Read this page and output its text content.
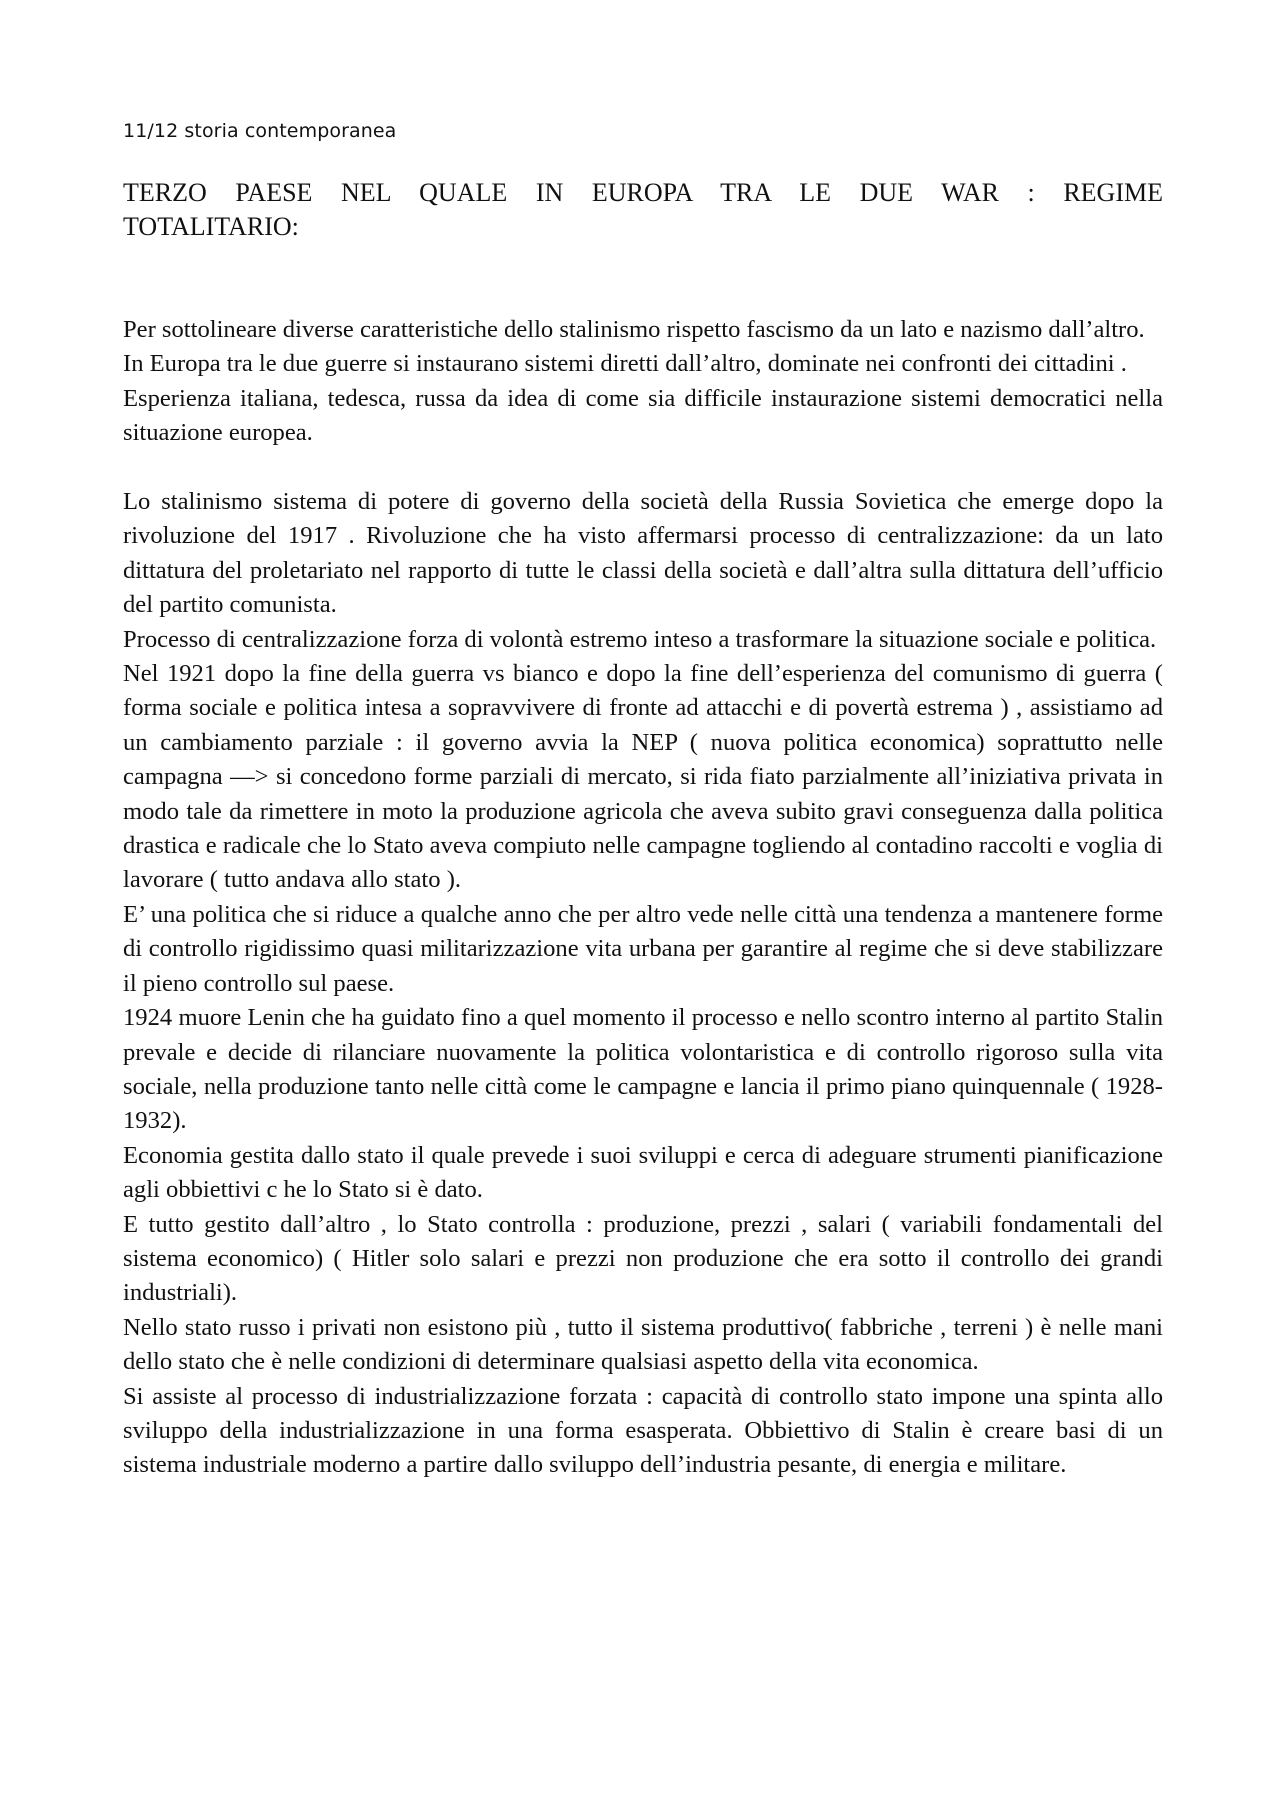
11/12 storia contemporanea
TERZO PAESE NEL QUALE IN EUROPA TRA LE DUE WAR : REGIME
TOTALITARIO:

Per sottolineare diverse caratteristiche dello stalinismo rispetto fascismo da un lato e nazismo dall’altro.

In Europa tra le due guerre si instaurano sistemi diretti dall’altro, dominate nei confronti dei cittadini .

Esperienza italiana, tedesca, russa da idea di come sia difficile instaurazione sistemi democratici nella situazione europea.

Lo stalinismo sistema di potere di governo della società della Russia Sovietica che emerge dopo la rivoluzione del 1917 . Rivoluzione che ha visto affermarsi processo di centralizzazione: da un lato dittatura del proletariato nel rapporto di tutte le classi della società e dall’altra sulla dittatura dell’ufficio del partito comunista.

Processo di centralizzazione forza di volontà estremo inteso a trasformare la situazione sociale e politica.

Nel 1921 dopo la fine della guerra vs bianco e dopo la fine dell’esperienza del comunismo di guerra ( forma sociale e politica intesa a sopravvivere di fronte ad attacchi e di povertà estrema ) , assistiamo ad un cambiamento parziale : il governo avvia la NEP ( nuova politica economica) soprattutto nelle campagna —> si concedono forme parziali di mercato, si rida fiato parzialmente all’iniziativa privata in modo tale da rimettere in moto la produzione agricola che aveva subito gravi conseguenza dalla politica drastica e radicale che lo Stato aveva compiuto nelle campagne togliendo al contadino raccolti e voglia di lavorare ( tutto andava allo stato ).

E’ una politica che si riduce a qualche anno che per altro vede nelle città una tendenza a mantenere forme di controllo rigidissimo quasi militarizzazione vita urbana per garantire al regime che si deve stabilizzare il pieno controllo sul paese.

1924 muore Lenin che ha guidato fino a quel momento il processo e nello scontro interno al partito Stalin prevale e decide di rilanciare nuovamente la politica volontaristica e di controllo rigoroso sulla vita sociale, nella produzione tanto nelle città come le campagne e lancia il primo piano quinquennale ( 1928-1932).

Economia gestita dallo stato il quale prevede i suoi sviluppi e cerca di adeguare strumenti pianificazione agli obbiettivi c he lo Stato si è dato.

E tutto gestito dall’altro , lo Stato controlla : produzione, prezzi , salari ( variabili fondamentali del sistema economico) ( Hitler solo salari e prezzi non produzione che era sotto il controllo dei grandi industriali).

Nello stato russo i privati non esistono più , tutto il sistema produttivo( fabbriche , terreni ) è nelle mani dello stato che è nelle condizioni di determinare qualsiasi aspetto della vita economica.

Si assiste al processo di industrializzazione forzata : capacità di controllo stato impone una spinta allo sviluppo della industrializzazione in una forma esasperata. Obbiettivo di Stalin è creare basi di un sistema industriale moderno a partire dallo sviluppo dell’industria pesante, di energia e militare.
